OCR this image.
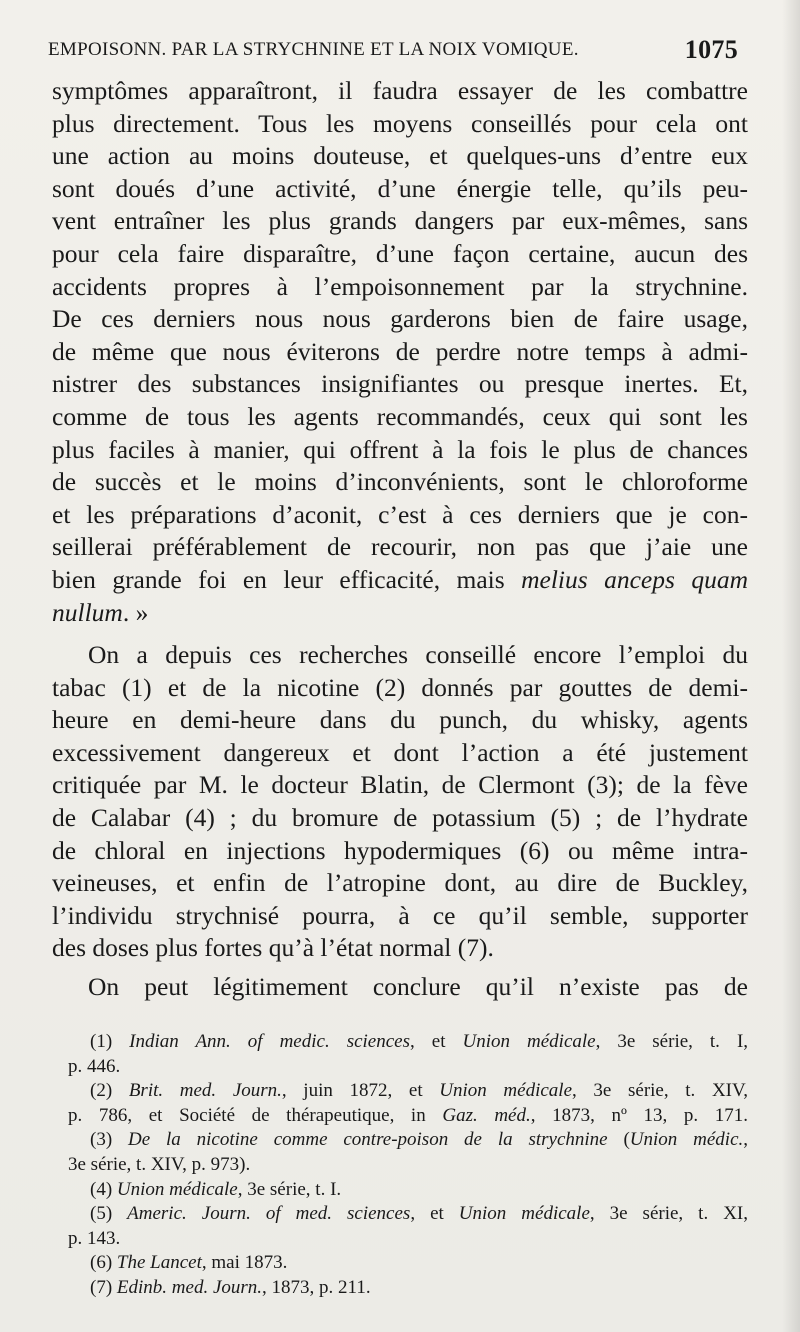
EMPOISONN. PAR LA STRYCHNINE ET LA NOIX VOMIQUE.	1075
symptômes apparaîtront, il faudra essayer de les combattre
plus directement. Tous les moyens conseillés pour cela ont
une action au moins douteuse, et quelques-uns d’entre eux
sont doués d’une activité, d’une énergie telle, qu’ils peu-
vent entraîner les plus grands dangers par eux-mêmes, sans
pour cela faire disparaître, d’une façon certaine, aucun des
accidents propres à l’empoisonnement par la strychnine.
De ces derniers nous nous garderons bien de faire usage,
de même que nous éviterons de perdre notre temps à admi-
nistrer des substances insignifiantes ou presque inertes. Et,
comme de tous les agents recommandés, ceux qui sont les
plus faciles à manier, qui offrent à la fois le plus de chances
de succès et le moins d’inconvénients, sont le chloroforme
et les préparations d’aconit, c’est à ces derniers que je con-
seillerai préférablement de recourir, non pas que j’aie une
bien grande foi en leur efficacité, mais melius anceps quam
nullum. »
On a depuis ces recherches conseillé encore l’emploi du
tabac (1) et de la nicotine (2) donnés par gouttes de demi-
heure en demi-heure dans du punch, du whisky, agents
excessivement dangereux et dont l’action a été justement
critiquée par M. le docteur Blatin, de Clermont (3); de la fève
de Calabar (4) ; du bromure de potassium (5) ; de l’hydrate
de chloral en injections hypodermiques (6) ou même intra-
veineuses, et enfin de l’atropine dont, au dire de Buckley,
l’individu strychnisé pourra, à ce qu’il semble, supporter
des doses plus fortes qu’à l’état normal (7).
On peut légitimement conclure qu’il n’existe pas de
(1) Indian Ann. of medic. sciences, et Union médicale, 3e série, t. I,
p. 446.
(2) Brit. med. Journ., juin 1872, et Union médicale, 3e série, t. XIV,
p. 786, et Société de thérapeutique, in Gaz. méd., 1873, nº 13, p. 171.
(3) De la nicotine comme contre-poison de la strychnine (Union médic.,
3e série, t. XIV, p. 973).
(4) Union médicale, 3e série, t. I.
(5) Americ. Journ. of med. sciences, et Union médicale, 3e série, t. XI,
p. 143.
(6) The Lancet, mai 1873.
(7) Edinb. med. Journ., 1873, p. 211.
